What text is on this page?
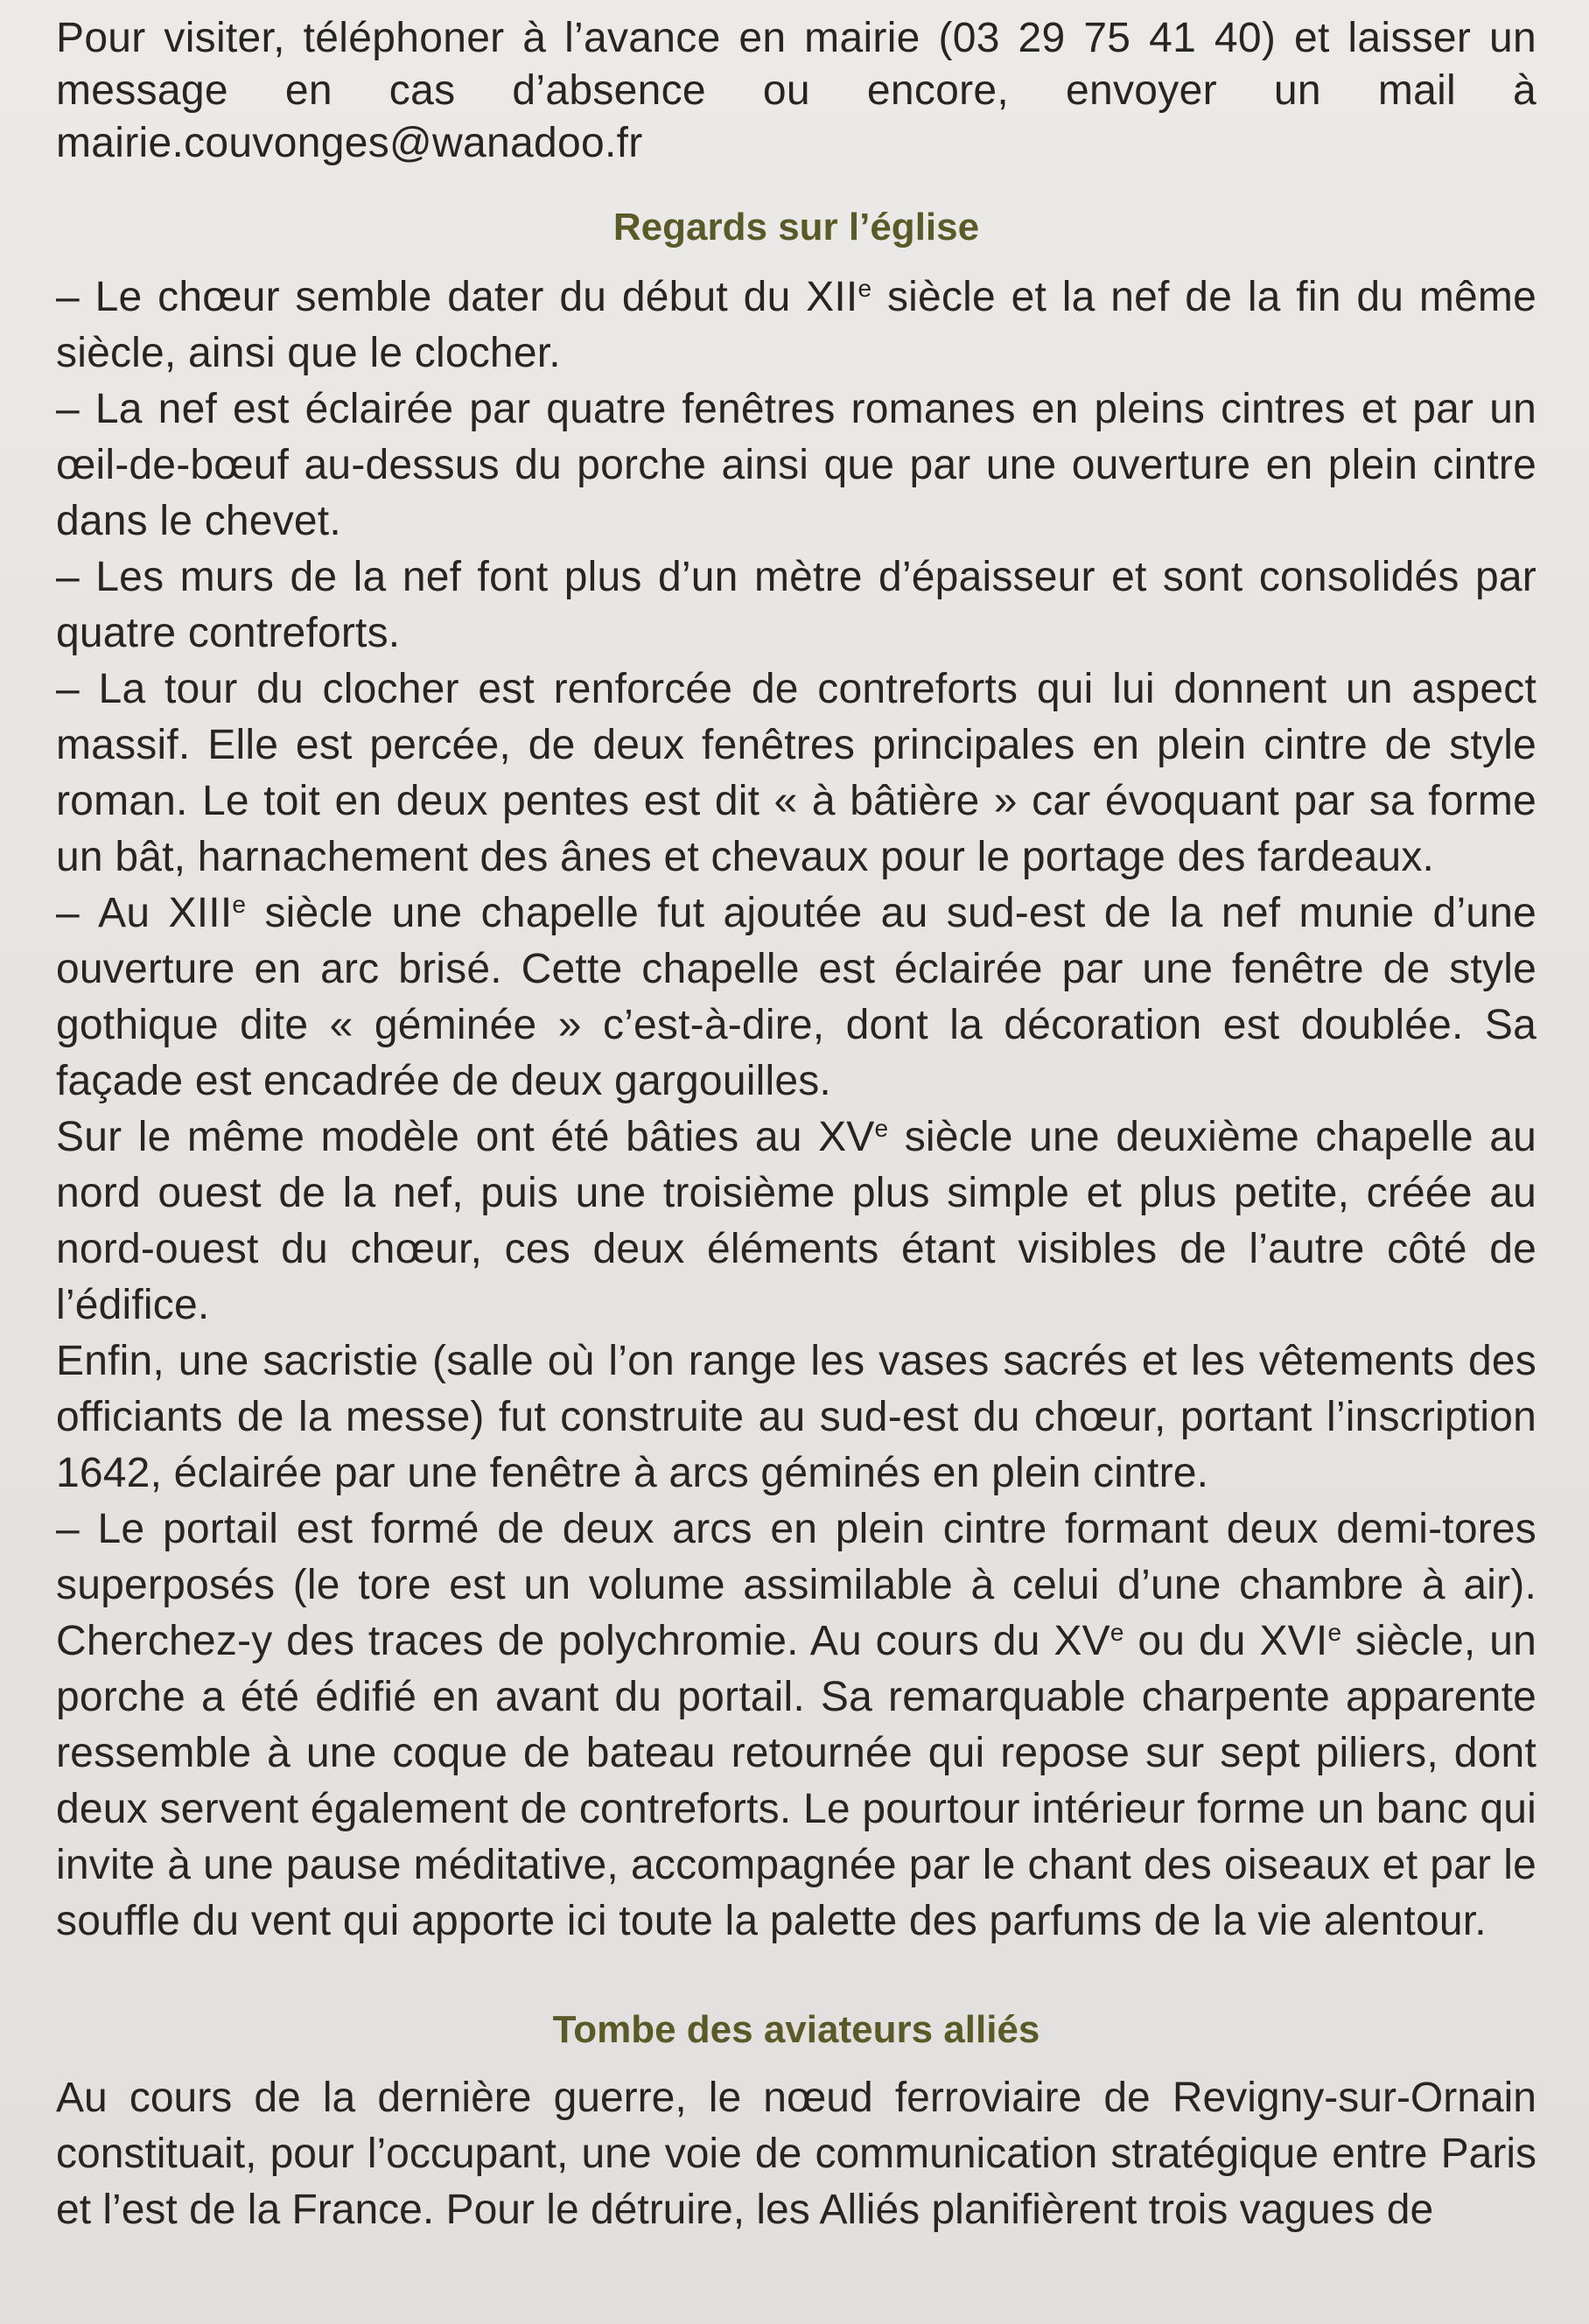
Pour visiter, téléphoner à l’avance en mairie (03 29 75 41 40) et laisser un message en cas d’absence ou encore, envoyer un mail à mairie.couvonges@wanadoo.fr

Regards sur l’église

– Le chœur semble dater du début du XIIe siècle et la nef de la fin du même siècle, ainsi que le clocher.

– La nef est éclairée par quatre fenêtres romanes en pleins cintres et par un œil-de-bœuf au-dessus du porche ainsi que par une ouverture en plein cintre dans le chevet.

– Les murs de la nef font plus d’un mètre d’épaisseur et sont consolidés par quatre contreforts.

– La tour du clocher est renforcée de contreforts qui lui donnent un aspect massif. Elle est percée, de deux fenêtres principales en plein cintre de style roman. Le toit en deux pentes est dit « à bâtière » car évoquant par sa forme un bât, harnachement des ânes et chevaux pour le portage des fardeaux.

– Au XIIIe siècle une chapelle fut ajoutée au sud-est de la nef munie d’une ouverture en arc brisé. Cette chapelle est éclairée par une fenêtre de style gothique dite « géminée » c’est-à-dire, dont la décoration est doublée. Sa façade est encadrée de deux gargouilles.

Sur le même modèle ont été bâties au XVe siècle une deuxième chapelle au nord ouest de la nef, puis une troisième plus simple et plus petite, créée au nord-ouest du chœur, ces deux éléments étant visibles de l’autre côté de l’édifice.

Enfin, une sacristie (salle où l’on range les vases sacrés et les vêtements des officiants de la messe) fut construite au sud-est du chœur, portant l’inscription 1642, éclairée par une fenêtre à arcs géminés en plein cintre.

– Le portail est formé de deux arcs en plein cintre formant deux demi-tores superposés (le tore est un volume assimilable à celui d’une chambre à air). Cherchez-y des traces de polychromie. Au cours du XVe ou du XVIe siècle, un porche a été édifié en avant du portail. Sa remarquable charpente apparente ressemble à une coque de bateau retournée qui repose sur sept piliers, dont deux servent également de contreforts. Le pourtour intérieur forme un banc qui invite à une pause méditative, accompagnée par le chant des oiseaux et par le souffle du vent qui apporte ici toute la palette des parfums de la vie alentour.

Tombe des aviateurs alliés

Au cours de la dernière guerre, le nœud ferroviaire de Revigny-sur-Ornain constituait, pour l’occupant, une voie de communication stratégique entre Paris et l’est de la France. Pour le détruire, les Alliés planifièrent trois vagues de
